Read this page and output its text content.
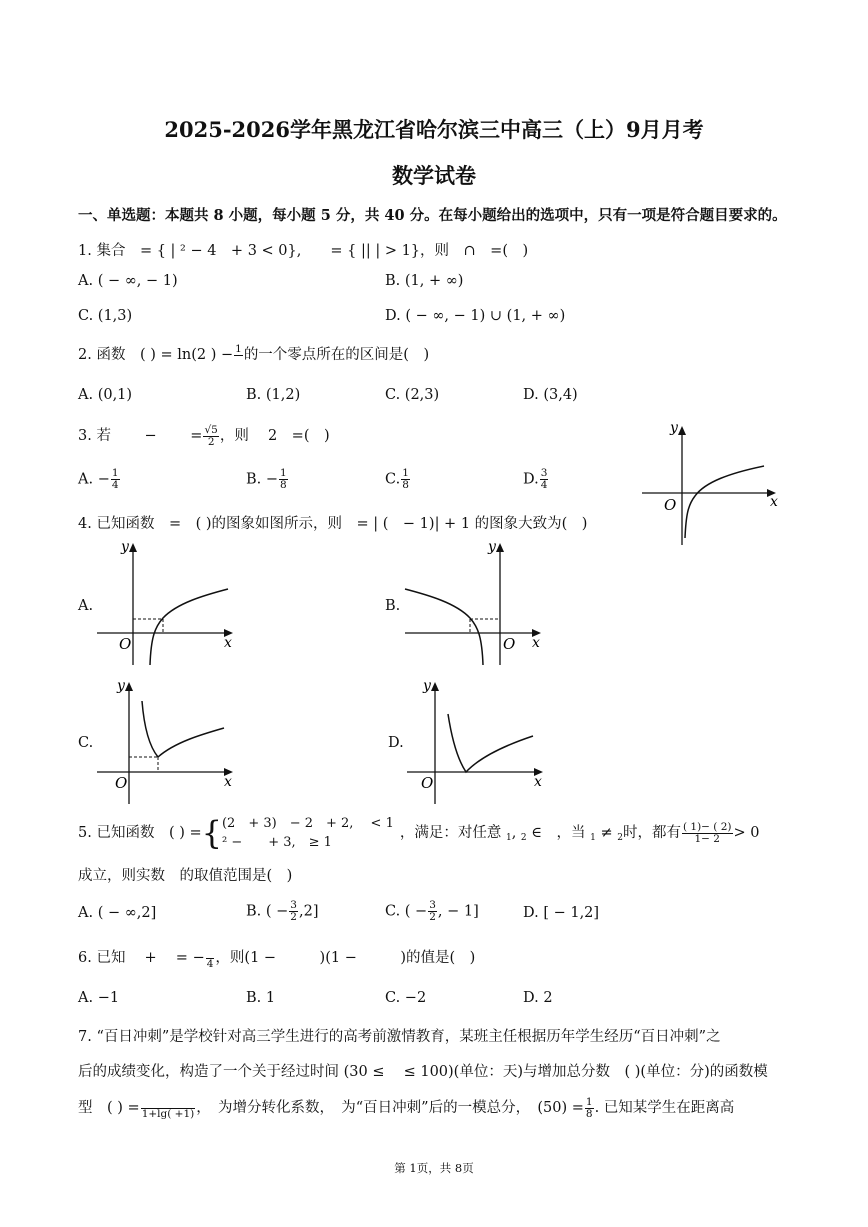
2025-2026学年黑龙江省哈尔滨三中高三（上）9月月考
数学试卷
一、单选题：本题共 8 小题，每小题 5 分，共 40 分。在每小题给出的选项中，只有一项是符合题目要求的。
1. 集合　= { | ² − 4　+ 3 < 0},　　= { || | > 1}，则　∩　=(　)
A. ( − ∞, − 1)	B. (1, + ∞)
C. (1,3)	D. ( − ∞, − 1) ∪ (1, + ∞)
2. 函数　( ) = ln(2 ) − 1
的一个零点所在的区间是(　)
A. (0,1)	B. (1,2)	C. (2,3)	D. (3,4)
3. 若　　 −　　 = $\frac{√5}{2}$ ，则　 2　=(　)
A. − $\frac{1}{4}$	B. − $\frac{1}{8}$	C. $\frac{1}{8}$	D. $\frac{3}{4}$
y
x
O
4. 已知函数　=　( )的图象如图所示，则　= | (　− 1)| + 1 的图象大致为(　)
A.
y
x
O
B.
y
x
O
C.
y
x
O
D.
y
x
O
5. 已知函数　( ) ={ (2　+ 3)　− 2　+ 2,　 < 1
² −　　+ 3,　≥ 1
，满足：对任意 $_1$, $_2$ ∈　，当 $_1$ ≠ $_2$时，都有 $\frac{( 1)- ( 2)}{1- 2} > 0$
成立，则实数　的取值范围是(　)
A. ( − ∞,2]	B. ( − $\frac{3}{2} ,2$]	C. ( − $\frac{3}{2}$ , − 1]	D. [ − 1,2]
6. 已知　 +　 = −
4 ，则(1 −　　　)(1 −　　　)的值是(　)
A. −1	B. 1	C. −2	D. 2
7. “百日冲刺”是学校针对高三学生进行的高考前激情教育，某班主任根据历年学生经历“百日冲刺”之
后的成绩变化，构造了一个关于经过时间 (30 ≤　 ≤ 100)(单位：天)与增加总分数　( )(单位：分)的函数模
型　( ) =
1+lg( +1) ，　为增分转化系数，　为“百日冲刺”后的一模总分，　$(50) = \frac{1}{8}$ . 已知某学生在距离高
第 1页，共 8页
